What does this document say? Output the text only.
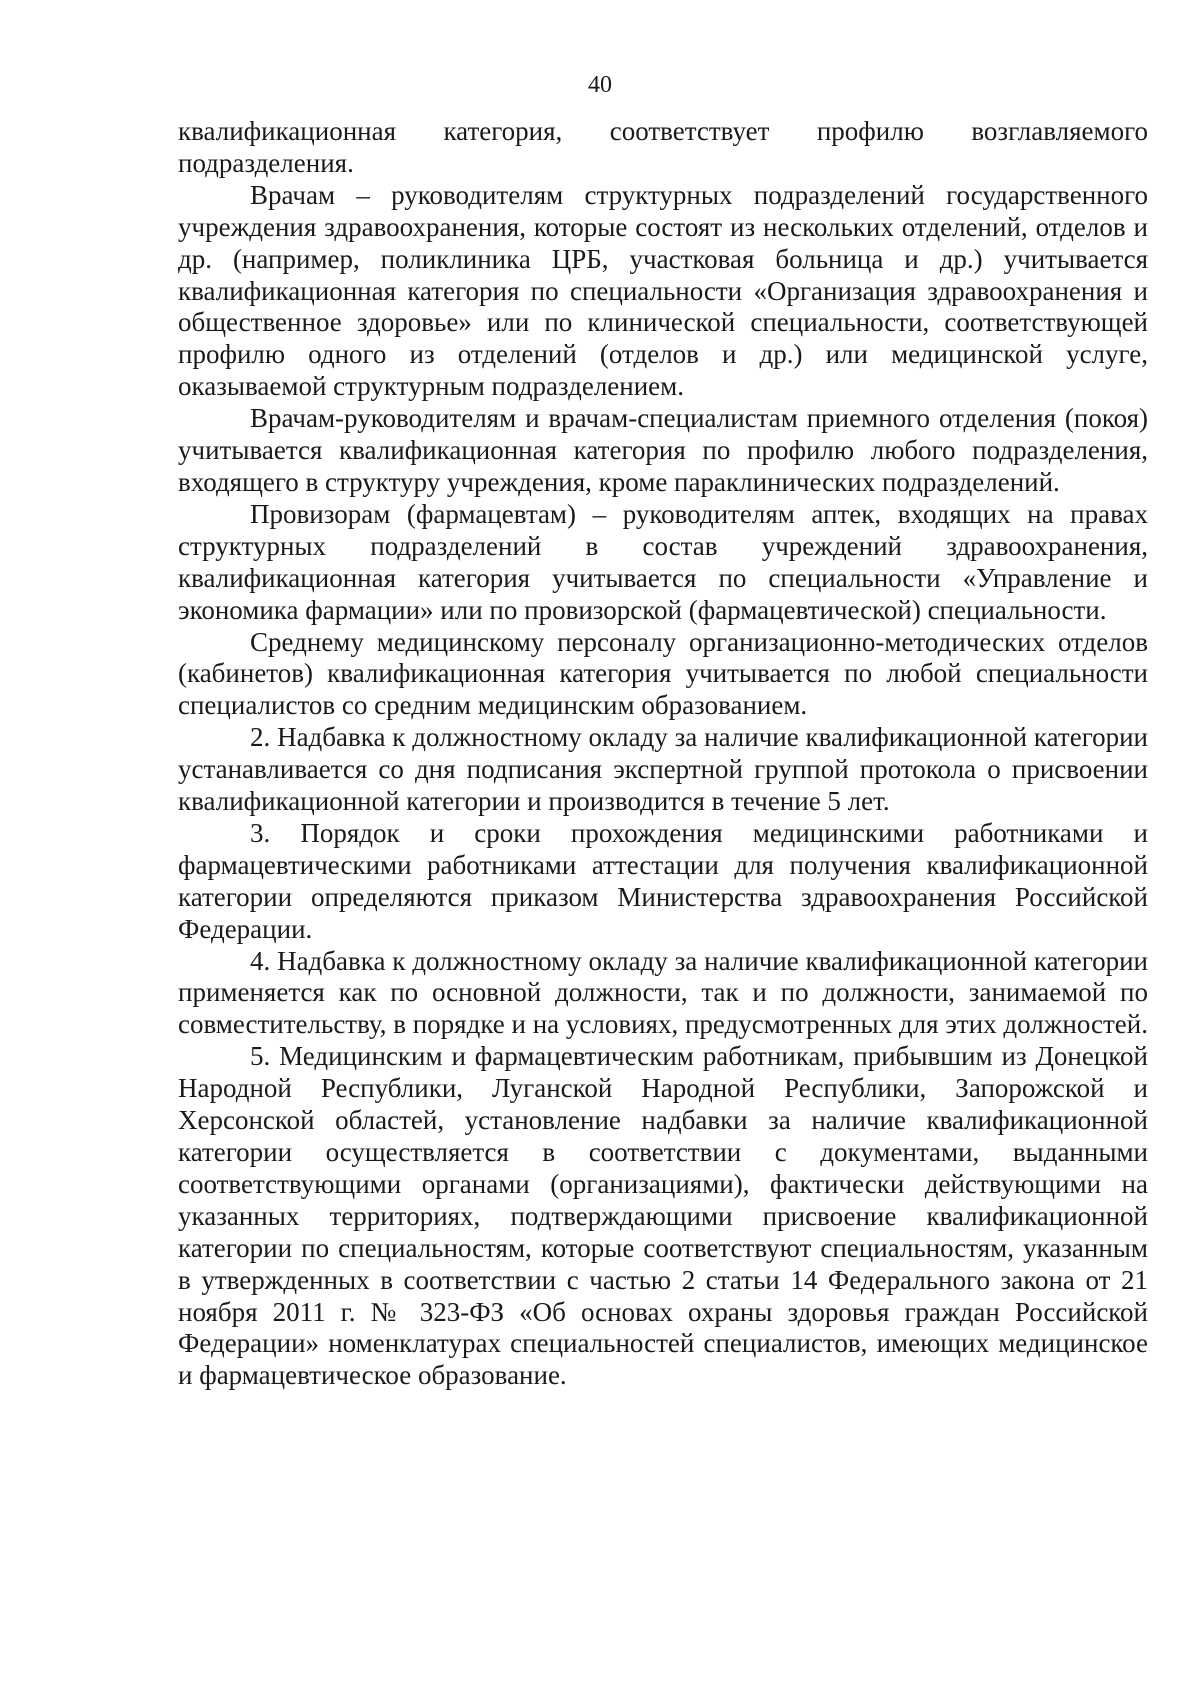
40

квалификационная категория, соответствует профилю возглавляемого подразделения.

Врачам – руководителям структурных подразделений государственного учреждения здравоохранения, которые состоят из нескольких отделений, отделов и др. (например, поликлиника ЦРБ, участковая больница и др.) учитывается квалификационная категория по специальности «Организация здравоохранения и общественное здоровье» или по клинической специальности, соответствующей профилю одного из отделений (отделов и др.) или медицинской услуге, оказываемой структурным подразделением.

Врачам-руководителям и врачам-специалистам приемного отделения (покоя) учитывается квалификационная категория по профилю любого подразделения, входящего в структуру учреждения, кроме параклинических подразделений.

Провизорам (фармацевтам) – руководителям аптек, входящих на правах структурных подразделений в состав учреждений здравоохранения, квалификационная категория учитывается по специальности «Управление и экономика фармации» или по провизорской (фармацевтической) специальности.

Среднему медицинскому персоналу организационно-методических отделов (кабинетов) квалификационная категория учитывается по любой специальности специалистов со средним медицинским образованием.

2. Надбавка к должностному окладу за наличие квалификационной категории устанавливается со дня подписания экспертной группой протокола о присвоении квалификационной категории и производится в течение 5 лет.

3. Порядок и сроки прохождения медицинскими работниками и фармацевтическими работниками аттестации для получения квалификационной категории определяются приказом Министерства здравоохранения Российской Федерации.

4. Надбавка к должностному окладу за наличие квалификационной категории применяется как по основной должности, так и по должности, занимаемой по совместительству, в порядке и на условиях, предусмотренных для этих должностей.

5. Медицинским и фармацевтическим работникам, прибывшим из Донецкой Народной Республики, Луганской Народной Республики, Запорожской и Херсонской областей, установление надбавки за наличие квалификационной категории осуществляется в соответствии с документами, выданными соответствующими органами (организациями), фактически действующими на указанных территориях, подтверждающими присвоение квалификационной категории по специальностям, которые соответствуют специальностям, указанным в утвержденных в соответствии с частью 2 статьи 14 Федерального закона от 21 ноября 2011 г. № 323-ФЗ «Об основах охраны здоровья граждан Российской Федерации» номенклатурах специальностей специалистов, имеющих медицинское и фармацевтическое образование.
